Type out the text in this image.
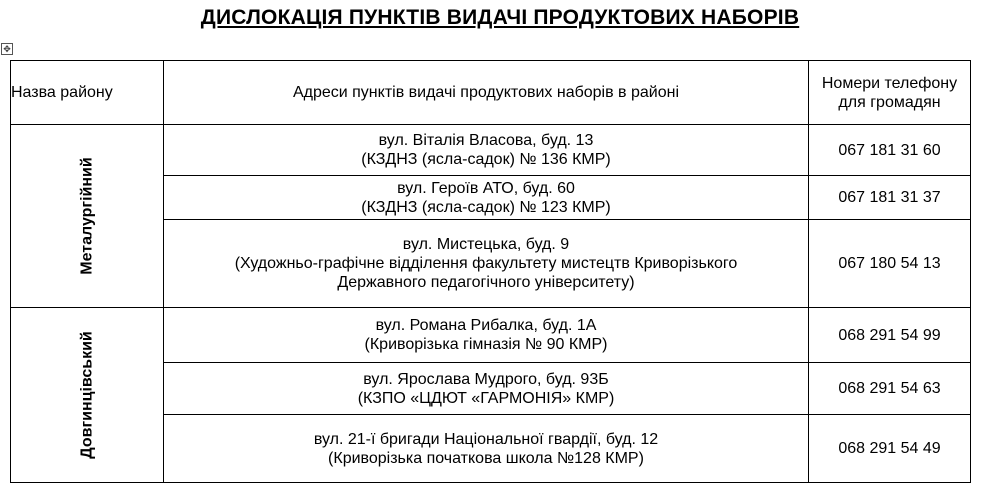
ДИСЛОКАЦІЯ ПУНКТІВ ВИДАЧІ ПРОДУКТОВИХ НАБОРІВ
✥
Назва району	Адреси пунктів видачі продуктових наборів в районі	Номери телефону
для громадян

Металургійний	вул. Віталія Власова, буд. 13
(КЗДНЗ (ясла-садок) № 136 КМР)	067 181 31 60

	вул. Героїв АТО, буд. 60
(КЗДНЗ (ясла-садок) № 123 КМР)	067 181 31 37

	вул. Мистецька, буд. 9
(Художньо-графічне відділення факультету мистецтв Криворізького
Державного педагогічного університету)	067 180 54 13

Довгинцівський	вул. Романа Рибалка, буд. 1А
(Криворізька гімназія № 90 КМР)	068 291 54 99

	вул. Ярослава Мудрого, буд. 93Б
(КЗПО «ЦДЮТ «ГАРМОНІЯ» КМР)	068 291 54 63

	вул. 21-ї бригади Національної гвардії, буд. 12
(Криворізька початкова школа №128 КМР)	068 291 54 49
